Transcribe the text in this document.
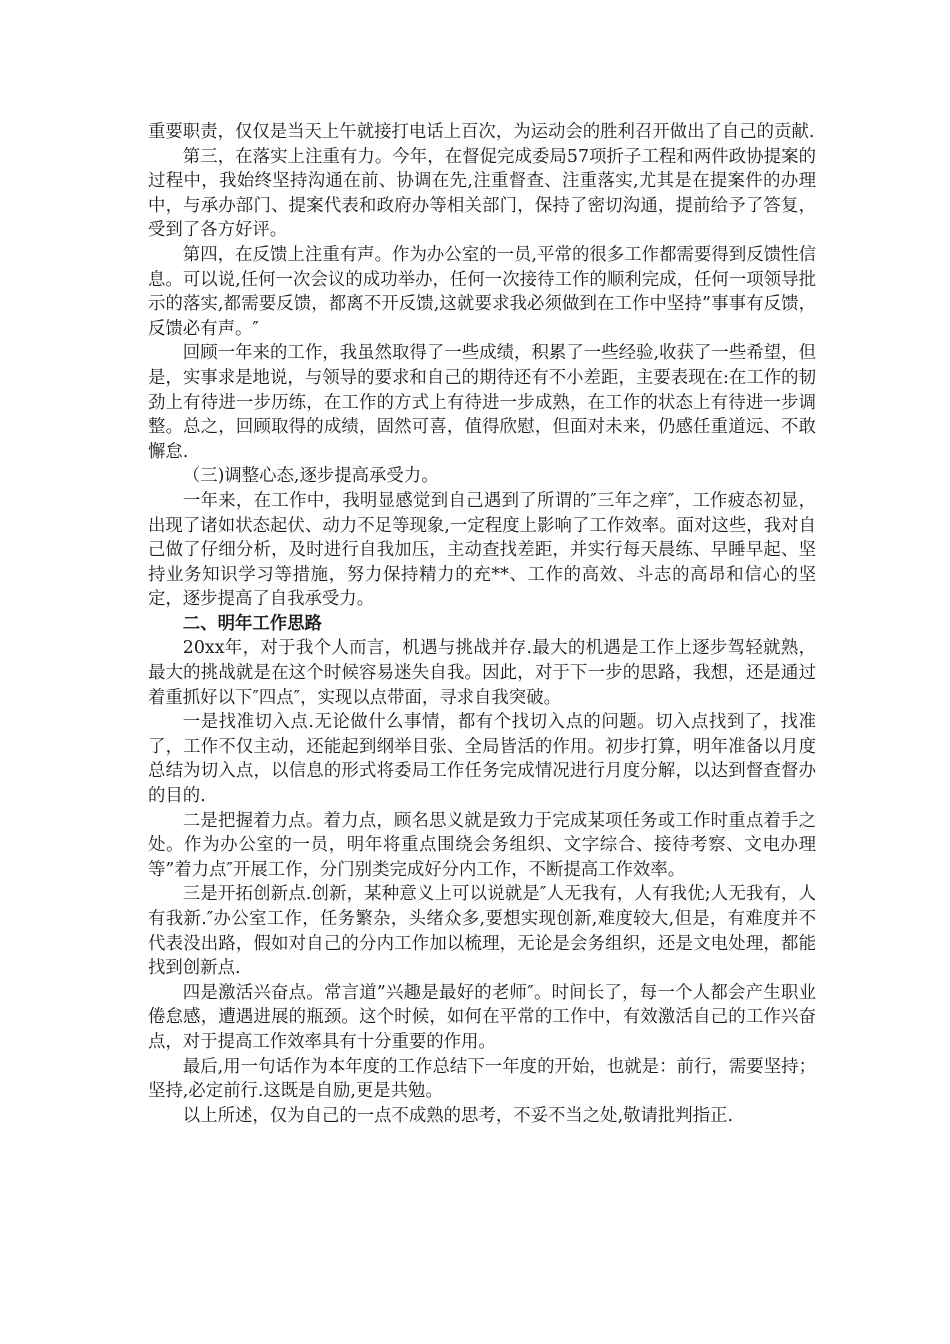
重要职责，仅仅是当天上午就接打电话上百次，为运动会的胜利召开做出了自己的贡献.

第三，在落实上注重有力。今年，在督促完成委局57项折子工程和两件政协提案的过程中，我始终坚持沟通在前、协调在先,注重督查、注重落实,尤其是在提案件的办理中，与承办部门、提案代表和政府办等相关部门，保持了密切沟通，提前给予了答复，受到了各方好评。

第四，在反馈上注重有声。作为办公室的一员,平常的很多工作都需要得到反馈性信息。可以说,任何一次会议的成功举办，任何一次接待工作的顺利完成，任何一项领导批示的落实,都需要反馈，都离不开反馈,这就要求我必须做到在工作中坚持”事事有反馈，反馈必有声。″

回顾一年来的工作，我虽然取得了一些成绩，积累了一些经验,收获了一些希望，但是，实事求是地说，与领导的要求和自己的期待还有不小差距，主要表现在:在工作的韧劲上有待进一步历练，在工作的方式上有待进一步成熟，在工作的状态上有待进一步调整。总之，回顾取得的成绩，固然可喜，值得欣慰，但面对未来，仍感任重道远、不敢懈怠.

（三)调整心态,逐步提高承受力。

一年来，在工作中，我明显感觉到自己遇到了所谓的″三年之痒″，工作疲态初显，出现了诸如状态起伏、动力不足等现象,一定程度上影响了工作效率。面对这些，我对自己做了仔细分析，及时进行自我加压，主动查找差距，并实行每天晨练、早睡早起、坚持业务知识学习等措施，努力保持精力的充**、工作的高效、斗志的高昂和信心的坚定，逐步提高了自我承受力。

二、明年工作思路

20xx年，对于我个人而言，机遇与挑战并存.最大的机遇是工作上逐步驾轻就熟，最大的挑战就是在这个时候容易迷失自我。因此，对于下一步的思路，我想，还是通过着重抓好以下″四点″，实现以点带面，寻求自我突破。

一是找准切入点.无论做什么事情，都有个找切入点的问题。切入点找到了，找准了，工作不仅主动，还能起到纲举目张、全局皆活的作用。初步打算，明年准备以月度总结为切入点，以信息的形式将委局工作任务完成情况进行月度分解，以达到督查督办的目的.

二是把握着力点。着力点，顾名思义就是致力于完成某项任务或工作时重点着手之处。作为办公室的一员，明年将重点围绕会务组织、文字综合、接待考察、文电办理等”着力点″开展工作，分门别类完成好分内工作，不断提高工作效率。

三是开拓创新点.创新，某种意义上可以说就是″人无我有，人有我优;人无我有，人有我新.″办公室工作，任务繁杂，头绪众多,要想实现创新,难度较大,但是，有难度并不代表没出路，假如对自己的分内工作加以梳理，无论是会务组织，还是文电处理，都能找到创新点.

四是激活兴奋点。常言道”兴趣是最好的老师″。时间长了，每一个人都会产生职业倦怠感，遭遇进展的瓶颈。这个时候，如何在平常的工作中，有效激活自己的工作兴奋点，对于提高工作效率具有十分重要的作用。

最后,用一句话作为本年度的工作总结下一年度的开始，也就是：前行，需要坚持；坚持,必定前行.这既是自励,更是共勉。

以上所述，仅为自己的一点不成熟的思考，不妥不当之处,敬请批判指正.
